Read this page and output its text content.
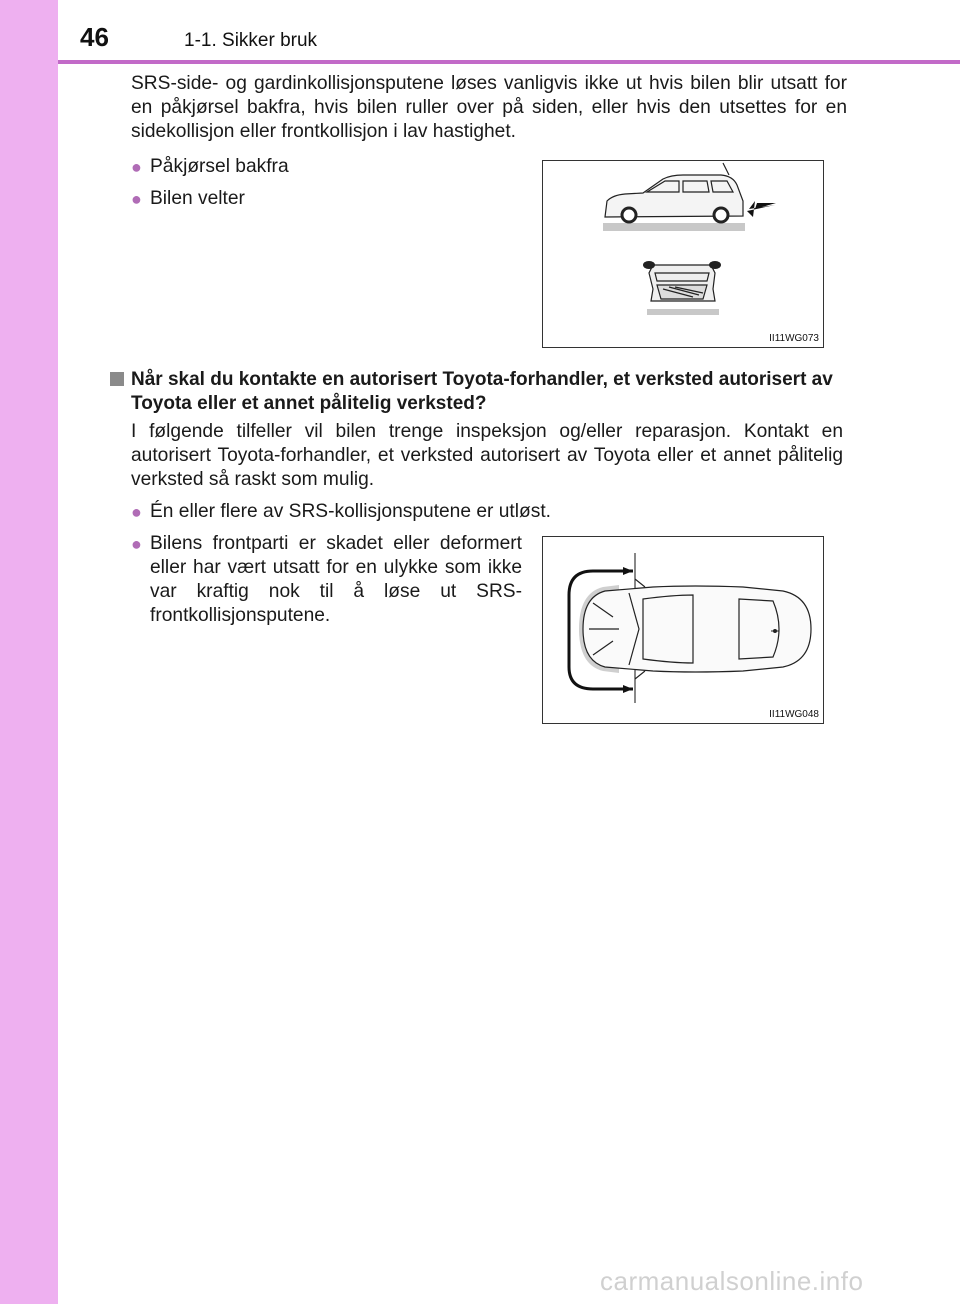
46	1-1. Sikker bruk

SRS-side- og gardinkollisjonsputene løses vanligvis ikke ut hvis bilen blir utsatt for en påkjørsel bakfra, hvis bilen ruller over på siden, eller hvis den utsettes for en sidekollisjon eller frontkollisjon i lav hastighet.

● Påkjørsel bakfra
● Bilen velter
II11WG073
Når skal du kontakte en autorisert Toyota-forhandler, et verksted autorisert av Toyota eller et annet pålitelig verksted?

I følgende tilfeller vil bilen trenge inspeksjon og/eller reparasjon. Kontakt en autorisert Toyota-forhandler, et verksted autorisert av Toyota eller et annet pålitelig verksted så raskt som mulig.

● Én eller flere av SRS-kollisjonsputene er utløst.
● Bilens frontparti er skadet eller deformert eller har vært utsatt for en ulykke som ikke var kraftig nok til å løse ut SRS-frontkollisjonsputene.
II11WG048
carmanualsonline.info
